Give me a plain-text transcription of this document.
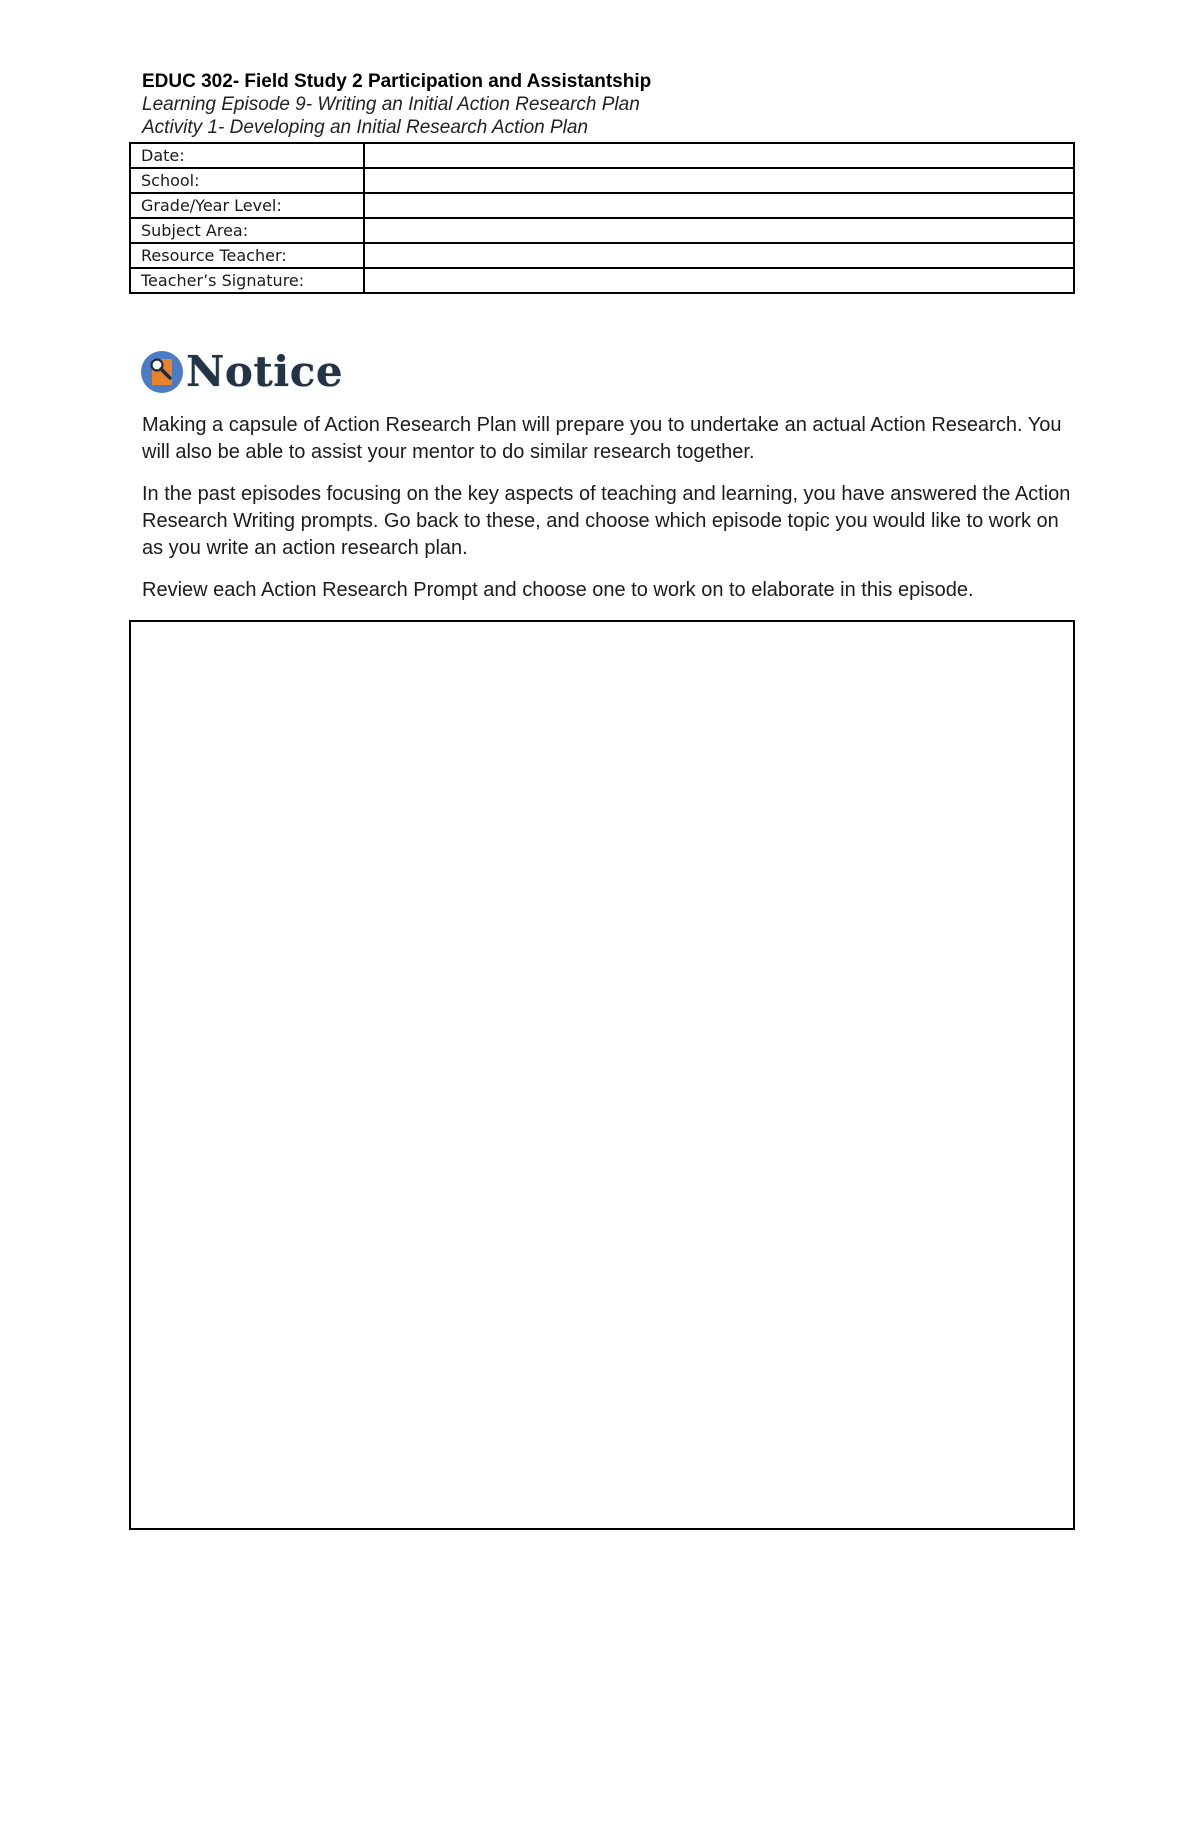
EDUC 302- Field Study 2 Participation and Assistantship
Learning Episode 9- Writing an Initial Action Research Plan
Activity 1- Developing an Initial Research Action Plan
Date:	
School:	
Grade/Year Level:	
Subject Area:	
Resource Teacher:	
Teacher’s Signature:	
Notice

Making a capsule of Action Research Plan will prepare you to undertake an actual Action Research. You will also be able to assist your mentor to do similar research together.

In the past episodes focusing on the key aspects of teaching and learning, you have answered the Action Research Writing prompts. Go back to these, and choose which episode topic you would like to work on as you write an action research plan.

Review each Action Research Prompt and choose one to work on to elaborate in this episode.
